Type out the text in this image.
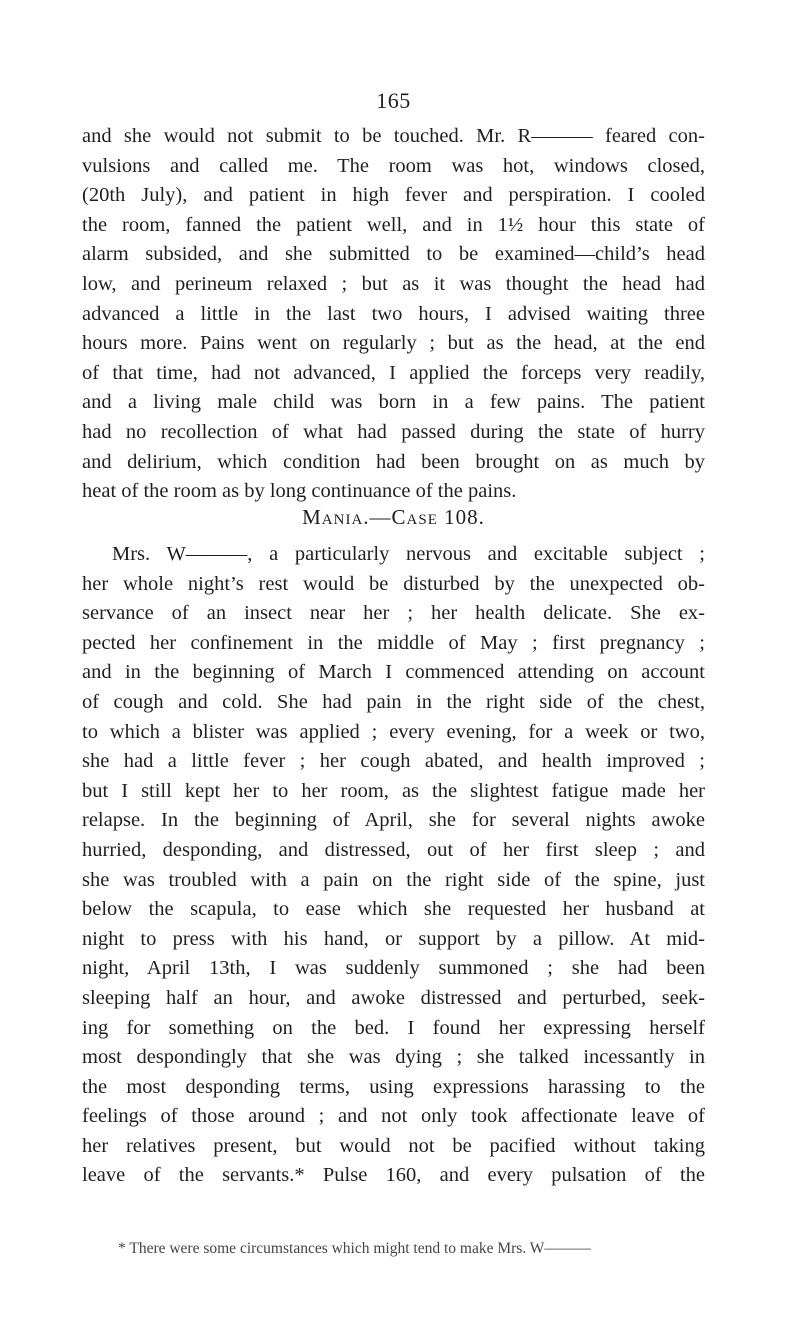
165
and she would not submit to be touched. Mr. R——— feared con-
vulsions and called me. The room was hot, windows closed,
(20th July), and patient in high fever and perspiration. I cooled
the room, fanned the patient well, and in 1½ hour this state of
alarm subsided, and she submitted to be examined—child’s head
low, and perineum relaxed ; but as it was thought the head had
advanced a little in the last two hours, I advised waiting three
hours more. Pains went on regularly ; but as the head, at the end
of that time, had not advanced, I applied the forceps very readily,
and a living male child was born in a few pains. The patient
had no recollection of what had passed during the state of hurry
and delirium, which condition had been brought on as much by
heat of the room as by long continuance of the pains.
Mania.—Case 108.
Mrs. W———, a particularly nervous and excitable subject ;
her whole night’s rest would be disturbed by the unexpected ob-
servance of an insect near her ; her health delicate. She ex-
pected her confinement in the middle of May ; first pregnancy ;
and in the beginning of March I commenced attending on account
of cough and cold. She had pain in the right side of the chest,
to which a blister was applied ; every evening, for a week or two,
she had a little fever ; her cough abated, and health improved ;
but I still kept her to her room, as the slightest fatigue made her
relapse. In the beginning of April, she for several nights awoke
hurried, desponding, and distressed, out of her first sleep ; and
she was troubled with a pain on the right side of the spine, just
below the scapula, to ease which she requested her husband at
night to press with his hand, or support by a pillow. At mid-
night, April 13th, I was suddenly summoned ; she had been
sleeping half an hour, and awoke distressed and perturbed, seek-
ing for something on the bed. I found her expressing herself
most despondingly that she was dying ; she talked incessantly in
the most desponding terms, using expressions harassing to the
feelings of those around ; and not only took affectionate leave of
her relatives present, but would not be pacified without taking
leave of the servants.* Pulse 160, and every pulsation of the
* There were some circumstances which might tend to make Mrs. W———
